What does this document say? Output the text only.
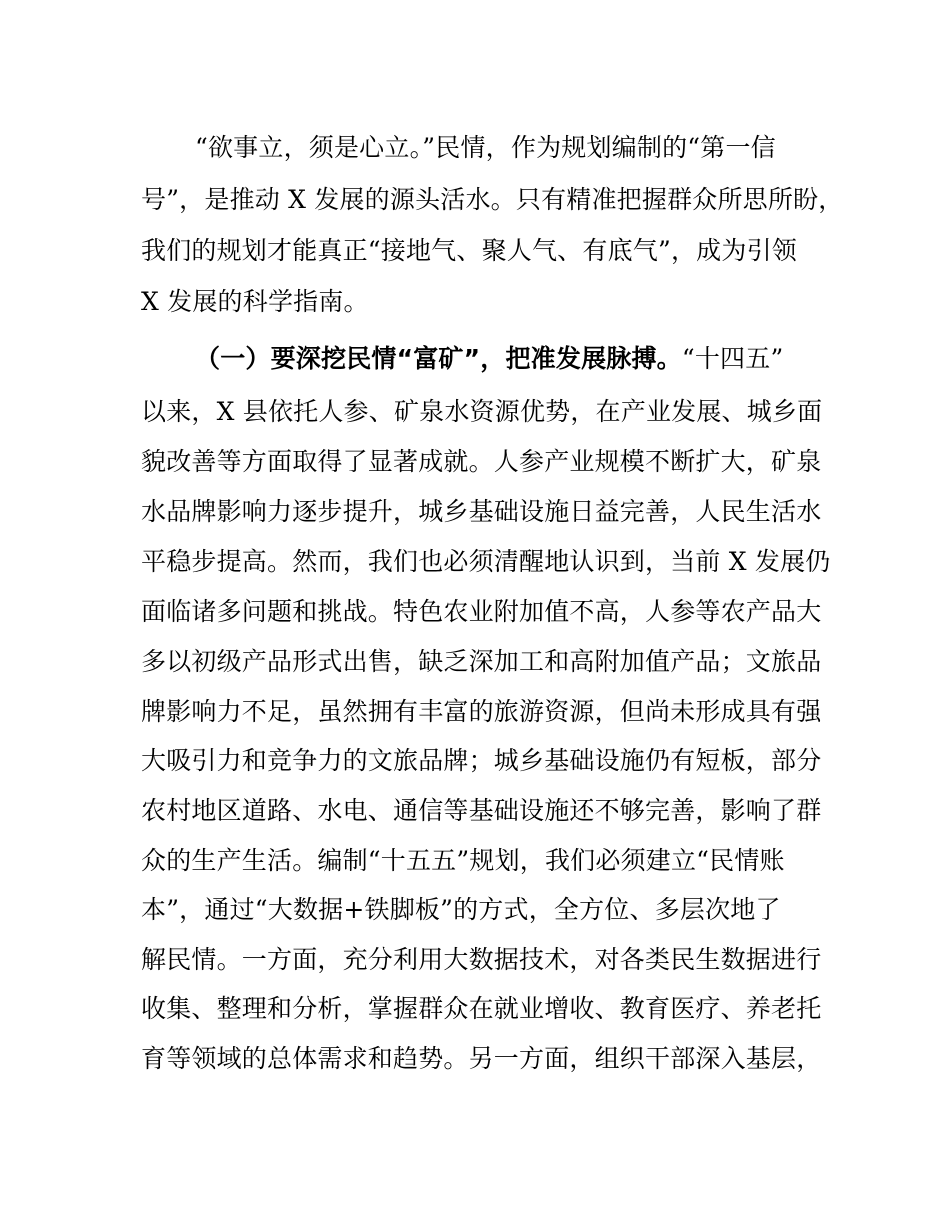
“欲事立，须是心立。”民情，作为规划编制的“第一信
号”，是推动 X 发展的源头活水。只有精准把握群众所思所盼，
我们的规划才能真正“接地气、聚人气、有底气”，成为引领
X 发展的科学指南。
（一）要深挖民情“富矿”，把准发展脉搏。“十四五”
以来，X 县依托人参、矿泉水资源优势，在产业发展、城乡面
貌改善等方面取得了显著成就。人参产业规模不断扩大，矿泉
水品牌影响力逐步提升，城乡基础设施日益完善，人民生活水
平稳步提高。然而，我们也必须清醒地认识到，当前 X 发展仍
面临诸多问题和挑战。特色农业附加值不高，人参等农产品大
多以初级产品形式出售，缺乏深加工和高附加值产品；文旅品
牌影响力不足，虽然拥有丰富的旅游资源，但尚未形成具有强
大吸引力和竞争力的文旅品牌；城乡基础设施仍有短板，部分
农村地区道路、水电、通信等基础设施还不够完善，影响了群
众的生产生活。编制“十五五”规划，我们必须建立“民情账
本”，通过“大数据+铁脚板”的方式，全方位、多层次地了
解民情。一方面，充分利用大数据技术，对各类民生数据进行
收集、整理和分析，掌握群众在就业增收、教育医疗、养老托
育等领域的总体需求和趋势。另一方面，组织干部深入基层，
